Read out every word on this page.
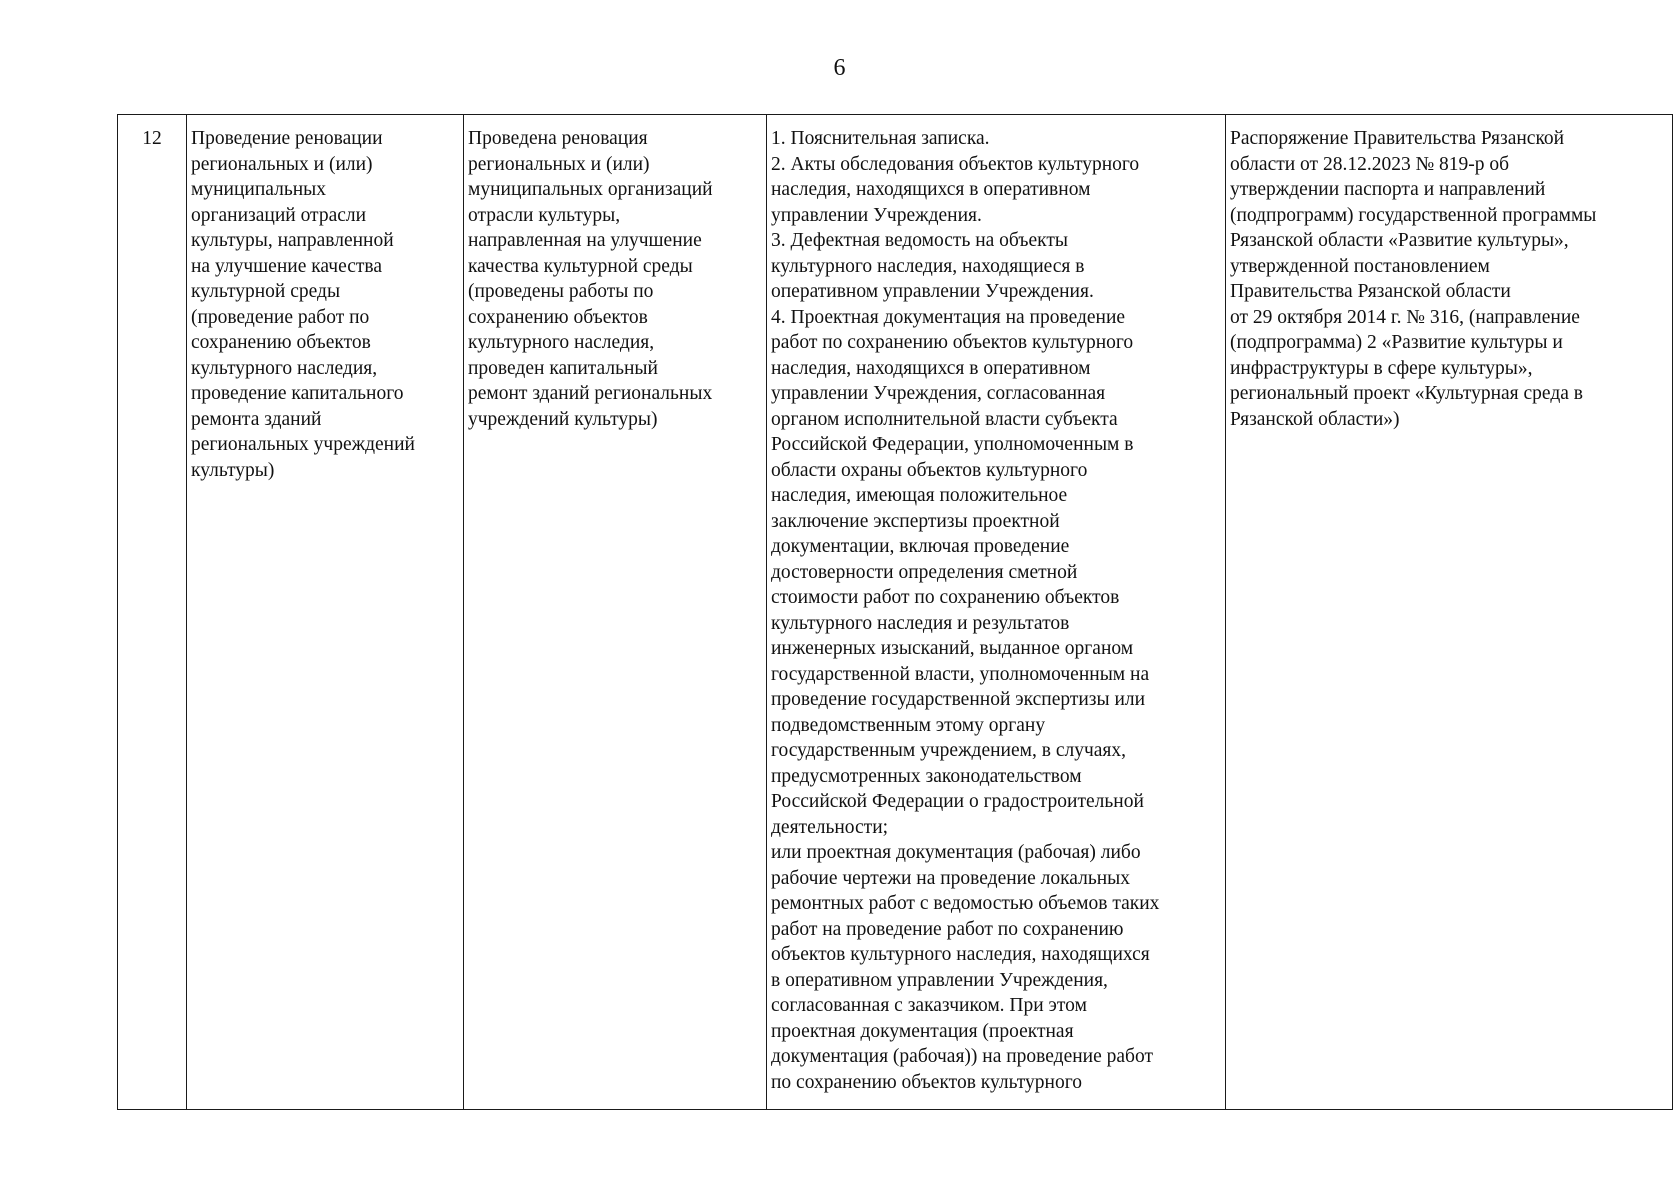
6
12	Проведение реновации
региональных и (или)
муниципальных
организаций отрасли
культуры, направленной
на улучшение качества
культурной среды
(проведение работ по
сохранению объектов
культурного наследия,
проведение капитального
ремонта зданий
региональных учреждений
культуры)

Проведена реновация
региональных и (или)
муниципальных организаций
отрасли культуры,
направленная на улучшение
качества культурной среды
(проведены работы по
сохранению объектов
культурного наследия,
проведен капитальный
ремонт зданий региональных
учреждений культуры)

1. Пояснительная записка.
2. Акты обследования объектов культурного
наследия, находящихся в оперативном
управлении Учреждения.
3. Дефектная ведомость на объекты
культурного наследия, находящиеся в
оперативном управлении Учреждения.
4. Проектная документация на проведение
работ по сохранению объектов культурного
наследия, находящихся в оперативном
управлении Учреждения, согласованная
органом исполнительной власти субъекта
Российской Федерации, уполномоченным в
области охраны объектов культурного
наследия, имеющая положительное
заключение экспертизы проектной
документации, включая проведение
достоверности определения сметной
стоимости работ по сохранению объектов
культурного наследия и результатов
инженерных изысканий, выданное органом
государственной власти, уполномоченным на
проведение государственной экспертизы или
подведомственным этому органу
государственным учреждением, в случаях,
предусмотренных законодательством
Российской Федерации о градостроительной
деятельности;
или проектная документация (рабочая) либо
рабочие чертежи на проведение локальных
ремонтных работ с ведомостью объемов таких
работ на проведение работ по сохранению
объектов культурного наследия, находящихся
в оперативном управлении Учреждения,
согласованная с заказчиком. При этом
проектная документация (проектная
документация (рабочая)) на проведение работ
по сохранению объектов культурного

Распоряжение Правительства Рязанской
области от 28.12.2023 № 819-р об
утверждении паспорта и направлений
(подпрограмм) государственной программы
Рязанской области «Развитие культуры»,
утвержденной постановлением
Правительства Рязанской области
от 29 октября 2014 г. № 316, (направление
(подпрограмма) 2 «Развитие культуры и
инфраструктуры в сфере культуры»,
региональный проект «Культурная среда в
Рязанской области»)
